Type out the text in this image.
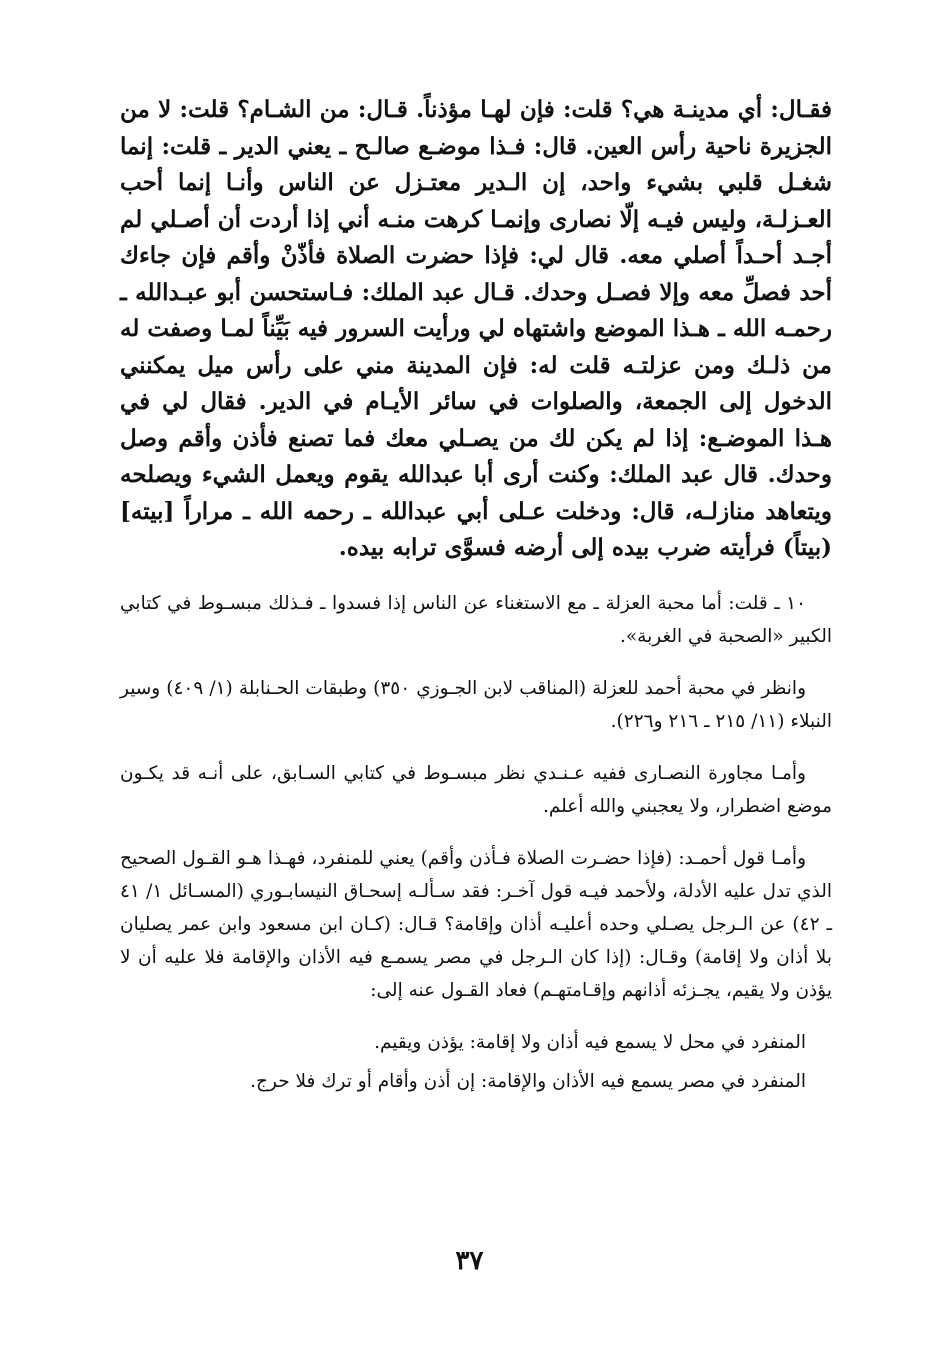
فقـال: أي مدينـة هي؟ قلت: فإن لهـا مؤذناً. قـال: من الشـام؟ قلت: لا من الجزيرة ناحية رأس العين. قال: فـذا موضـع صالـح ـ يعني الدير ـ قلت: إنما شغـل قلبي بشيء واحد، إن الـدير معتـزل عن الناس وأنـا إنما أحب العـزلـة، وليس فيـه إلّا نصارى وإنمـا كرهت منـه أني إذا أردت أن أصـلي لم أجـد أحـداً أصلي معه. قال لي: فإذا حضرت الصلاة فأذّنْ وأقم فإن جاءك أحد فصلِّ معه وإلا فصـل وحدك. قـال عبد الملك: فـاستحسن أبو عبـدالله ـ رحمـه الله ـ هـذا الموضع واشتهاه لي ورأيت السرور فيه بَيِّناً لمـا وصفت له من ذلـك ومن عزلتـه قلت له: فإن المدينة مني على رأس ميل يمكنني الدخول إلى الجمعة، والصلوات في سائر الأيـام في الدير. فقال لي في هـذا الموضـع: إذا لم يكن لك من يصـلي معك فما تصنع فأذن وأقم وصل وحدك. قال عبد الملك: وكنت أرى أبا عبدالله يقوم ويعمل الشيء ويصلحه ويتعاهد منازلـه، قال: ودخلت عـلى أبي عبدالله ـ رحمه الله ـ مراراً [بيته] (بيتاً) فرأيته ضرب بيده إلى أرضه فسوَّى ترابه بيده.

١٠ ـ قلت: أما محبة العزلة ـ مع الاستغناء عن الناس إذا فسدوا ـ فـذلك مبسـوط في كتابي الكبير «الصحبة في الغربة».

وانظر في محبة أحمد للعزلة (المناقب لابن الجـوزي ٣٥٠) وطبقات الحـنابلة (١/ ٤٠٩) وسير النبلاء (١١/ ٢١٥ ـ ٢١٦ و٢٢٦).

وأمـا مجاورة النصـارى ففيه عـنـدي نظر مبسـوط في كتابي السـابق، على أنـه قد يكـون موضع اضطرار، ولا يعجبني والله أعلم.

وأمـا قول أحمـد: (فإذا حضـرت الصلاة فـأذن وأقم) يعني للمنفرد، فهـذا هـو القـول الصحيح الذي تدل عليه الأدلة، ولأحمد فيـه قول آخـر: فقد سـألـه إسحـاق النيسابـوري (المسـائل ١/ ٤١ ـ ٤٢) عن الـرجل يصـلي وحده أعليـه أذان وإقامة؟ قـال: (كـان ابن مسعود وابن عمر يصليان بلا أذان ولا إقامة) وقـال: (إذا كان الـرجل في مصر يسمـع فيه الأذان والإقامة فلا عليه أن لا يؤذن ولا يقيم، يجـزئه أذانهم وإقـامتهـم) فعاد القـول عنه إلى:

المنفرد في محل لا يسمع فيه أذان ولا إقامة: يؤذن ويقيم.

المنفرد في مصر يسمع فيه الأذان والإقامة: إن أذن وأقام أو ترك فلا حرج.

٣٧
